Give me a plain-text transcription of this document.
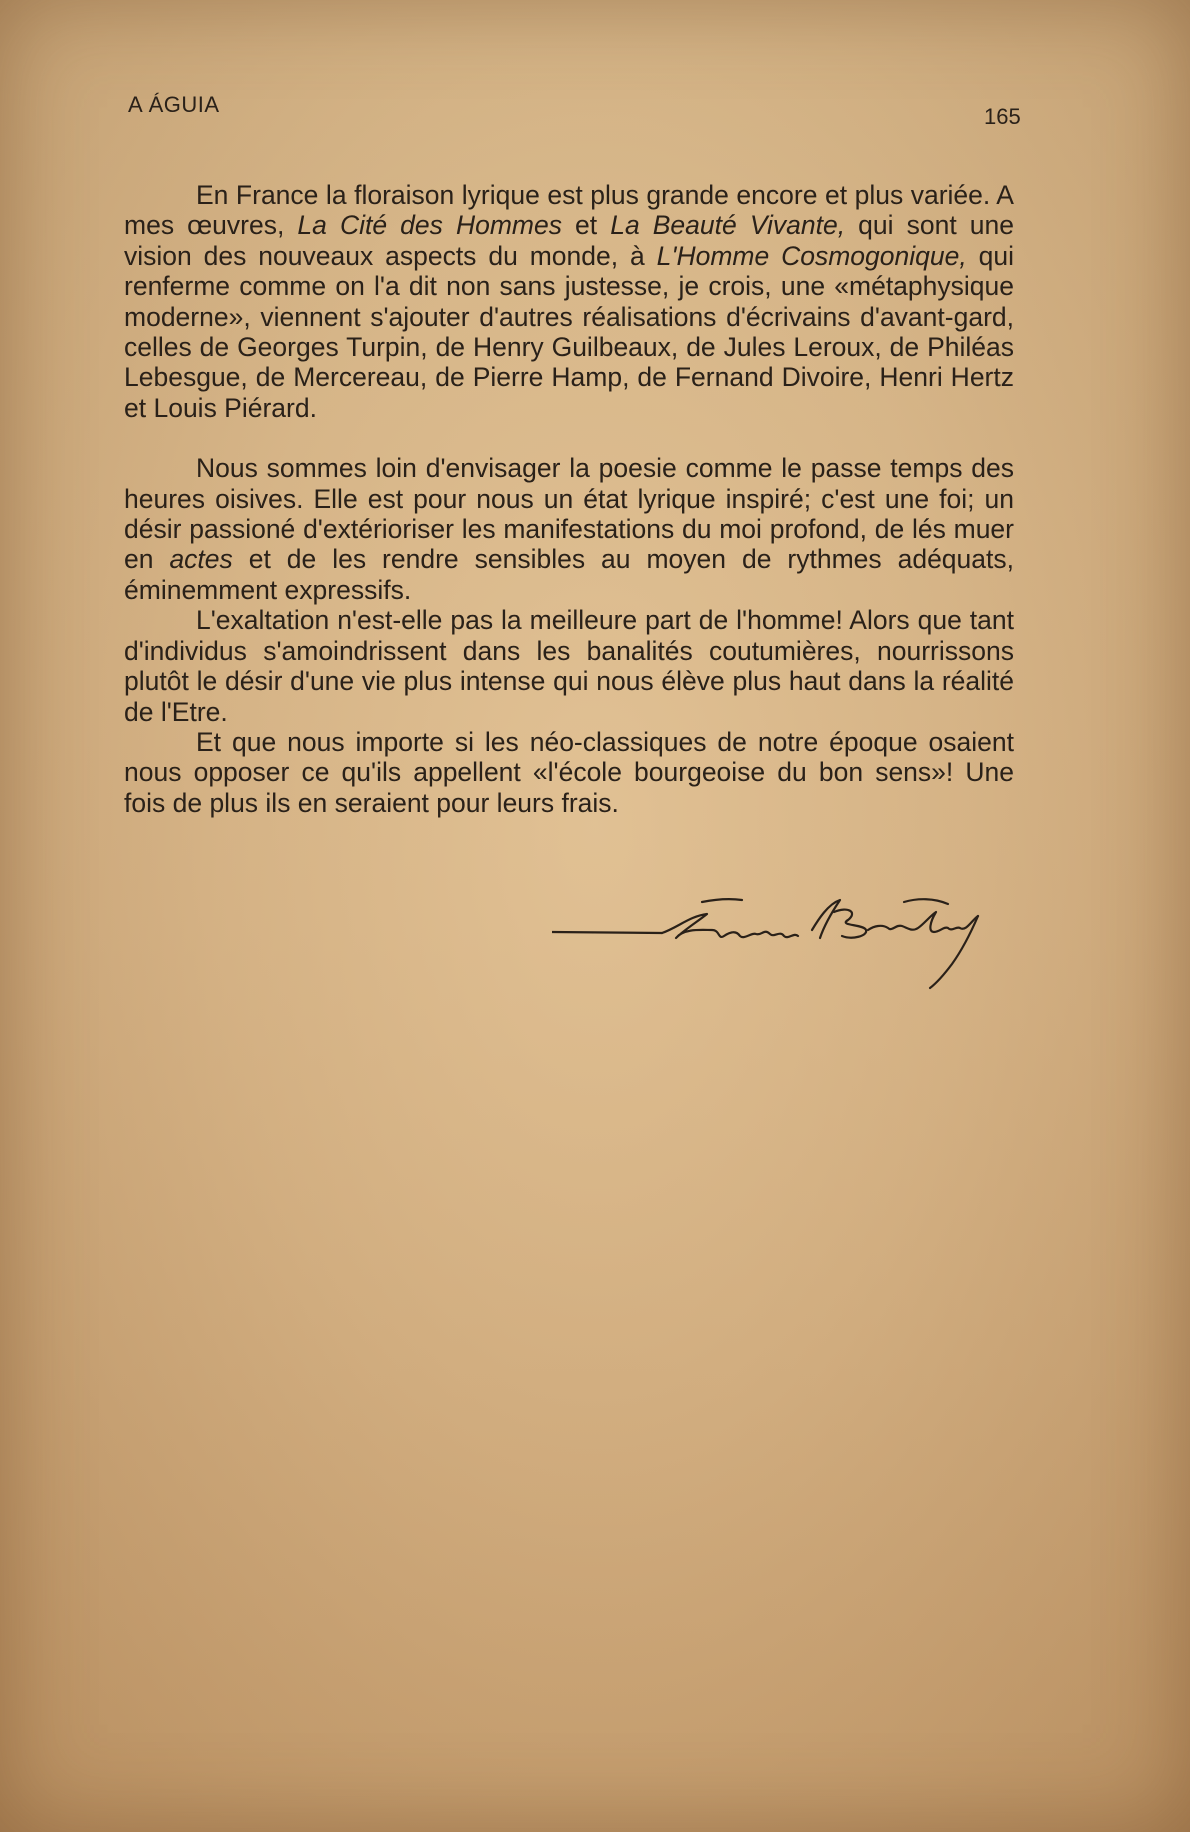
A ÁGUIA	165

En France la floraison lyrique est plus grande encore et plus variée. A mes œuvres, La Cité des Hommes et La Beauté Vivante, qui sont une vision des nouveaux aspects du monde, à L'Homme Cosmogonique, qui renferme comme on l'a dit non sans justesse, je crois, une «métaphysique moderne», viennent s'ajouter d'autres réalisations d'écrivains d'avant-gard, celles de Georges Turpin, de Henry Guilbeaux, de Jules Leroux, de Philéas Lebesgue, de Mercereau, de Pierre Hamp, de Fernand Divoire, Henri Hertz et Louis Piérard.

Nous sommes loin d'envisager la poesie comme le passe temps des heures oisives. Elle est pour nous un état lyrique inspiré; c'est une foi; un désir passioné d'extérioriser les manifestations du moi profond, de lés muer en actes et de les rendre sensibles au moyen de rythmes adéquats, éminemment expressifs.

L'exaltation n'est-elle pas la meilleure part de l'homme! Alors que tant d'individus s'amoindrissent dans les banalités coutumières, nourrissons plutôt le désir d'une vie plus intense qui nous élève plus haut dans la réalité de l'Etre.

Et que nous importe si les néo-classiques de notre époque osaient nous opposer ce qu'ils appellent «l'école bourgeoise du bon sens»! Une fois de plus ils en seraient pour leurs frais.
